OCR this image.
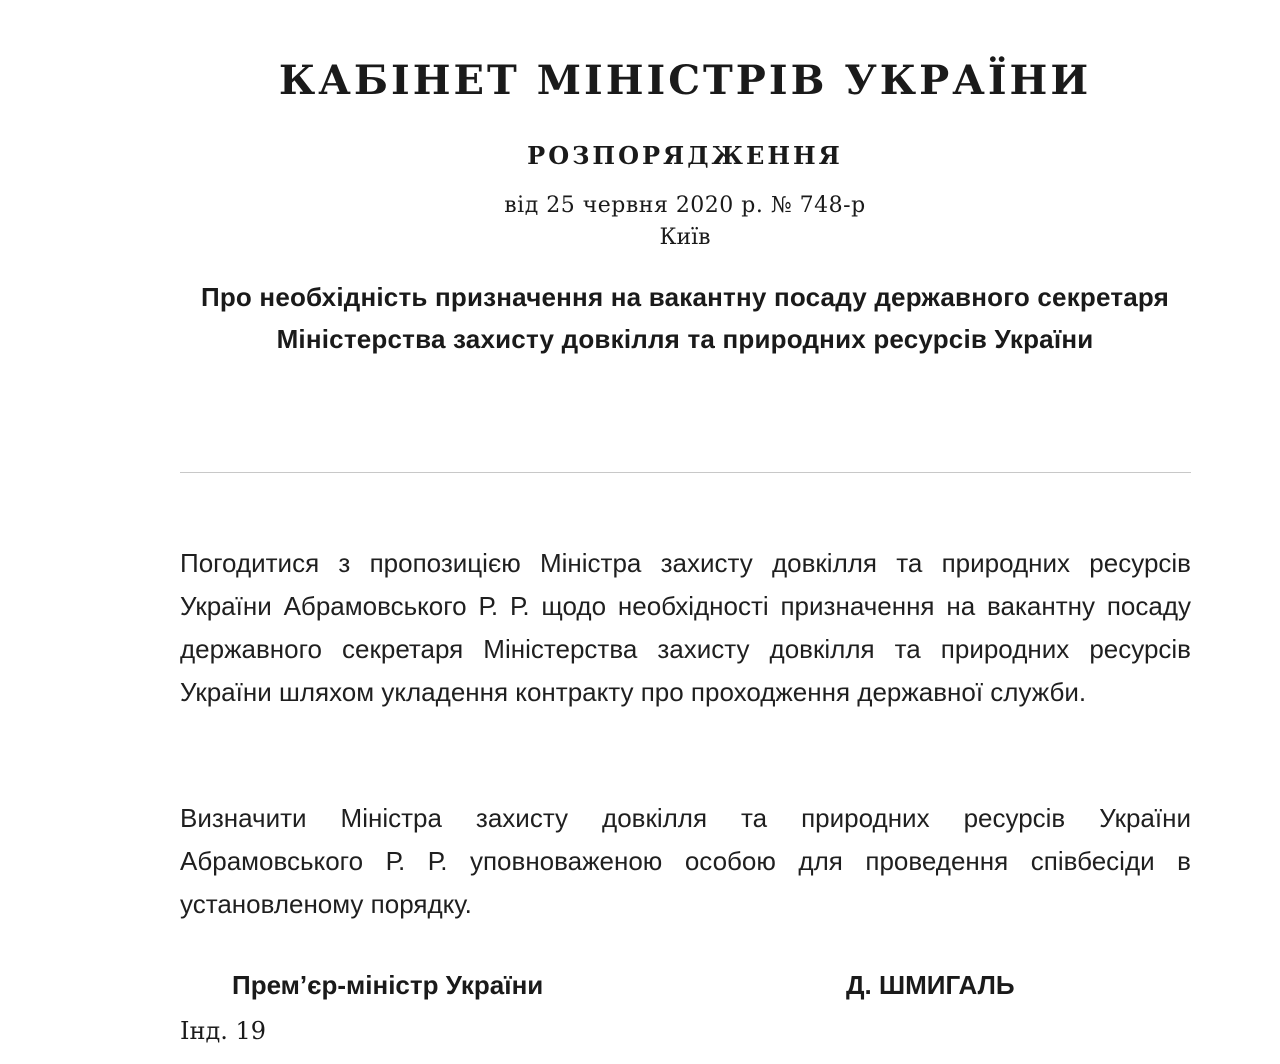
КАБІНЕТ МІНІСТРІВ УКРАЇНИ
РОЗПОРЯДЖЕННЯ
від 25 червня 2020 р. № 748-р
Київ
Про необхідність призначення на вакантну посаду державного секретаря Міністерства захисту довкілля та природних ресурсів України

Погодитися з пропозицією Міністра захисту довкілля та природних ресурсів України Абрамовського Р. Р. щодо необхідності призначення на вакантну посаду державного секретаря Міністерства захисту довкілля та природних ресурсів України шляхом укладення контракту про проходження державної служби.

Визначити Міністра захисту довкілля та природних ресурсів України Абрамовського Р. Р. уповноваженою особою для проведення співбесіди в установленому порядку.

Прем’єр-міністр України	Д. ШМИГАЛЬ
Інд. 19
